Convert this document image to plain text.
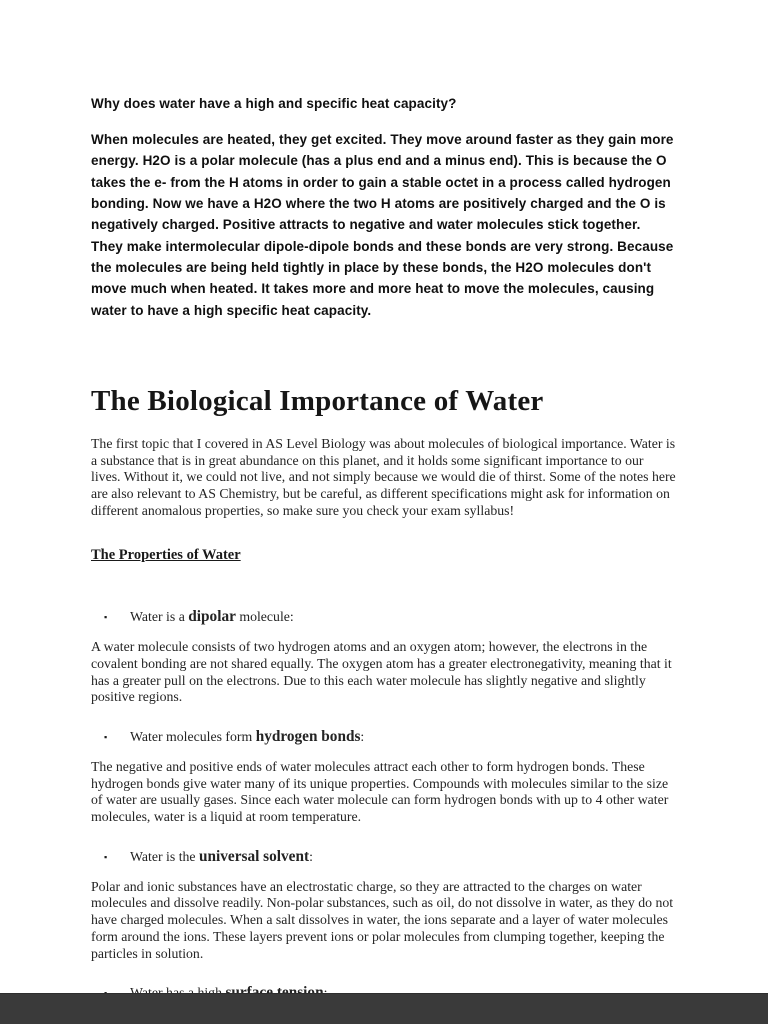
Why does water have a high and specific heat capacity?

When molecules are heated, they get excited. They move around faster as they gain more energy. H2O is a polar molecule (has a plus end and a minus end). This is because the O takes the e- from the H atoms in order to gain a stable octet in a process called hydrogen bonding. Now we have a H2O where the two H atoms are positively charged and the O is negatively charged. Positive attracts to negative and water molecules stick together. They make intermolecular dipole-dipole bonds and these bonds are very strong. Because the molecules are being held tightly in place by these bonds, the H2O molecules don't move much when heated. It takes more and more heat to move the molecules, causing water to have a high specific heat capacity.

The Biological Importance of Water

The first topic that I covered in AS Level Biology was about molecules of biological importance. Water is a substance that is in great abundance on this planet, and it holds some significant importance to our lives. Without it, we could not live, and not simply because we would die of thirst. Some of the notes here are also relevant to AS Chemistry, but be careful, as different specifications might ask for information on different anomalous properties, so make sure you check your exam syllabus!

The Properties of Water
▪	Water is a dipolar molecule:

A water molecule consists of two hydrogen atoms and an oxygen atom; however, the electrons in the covalent bonding are not shared equally. The oxygen atom has a greater electronegativity, meaning that it has a greater pull on the electrons. Due to this each water molecule has slightly negative and slightly positive regions.

▪	Water molecules form hydrogen bonds:

The negative and positive ends of water molecules attract each other to form hydrogen bonds. These hydrogen bonds give water many of its unique properties. Compounds with molecules similar to the size of water are usually gases. Since each water molecule can form hydrogen bonds with up to 4 other water molecules, water is a liquid at room temperature.

▪	Water is the universal solvent:

Polar and ionic substances have an electrostatic charge, so they are attracted to the charges on water molecules and dissolve readily. Non-polar substances, such as oil, do not dissolve in water, as they do not have charged molecules. When a salt dissolves in water, the ions separate and a layer of water molecules form around the ions. These layers prevent ions or polar molecules from clumping together, keeping the particles in solution.
